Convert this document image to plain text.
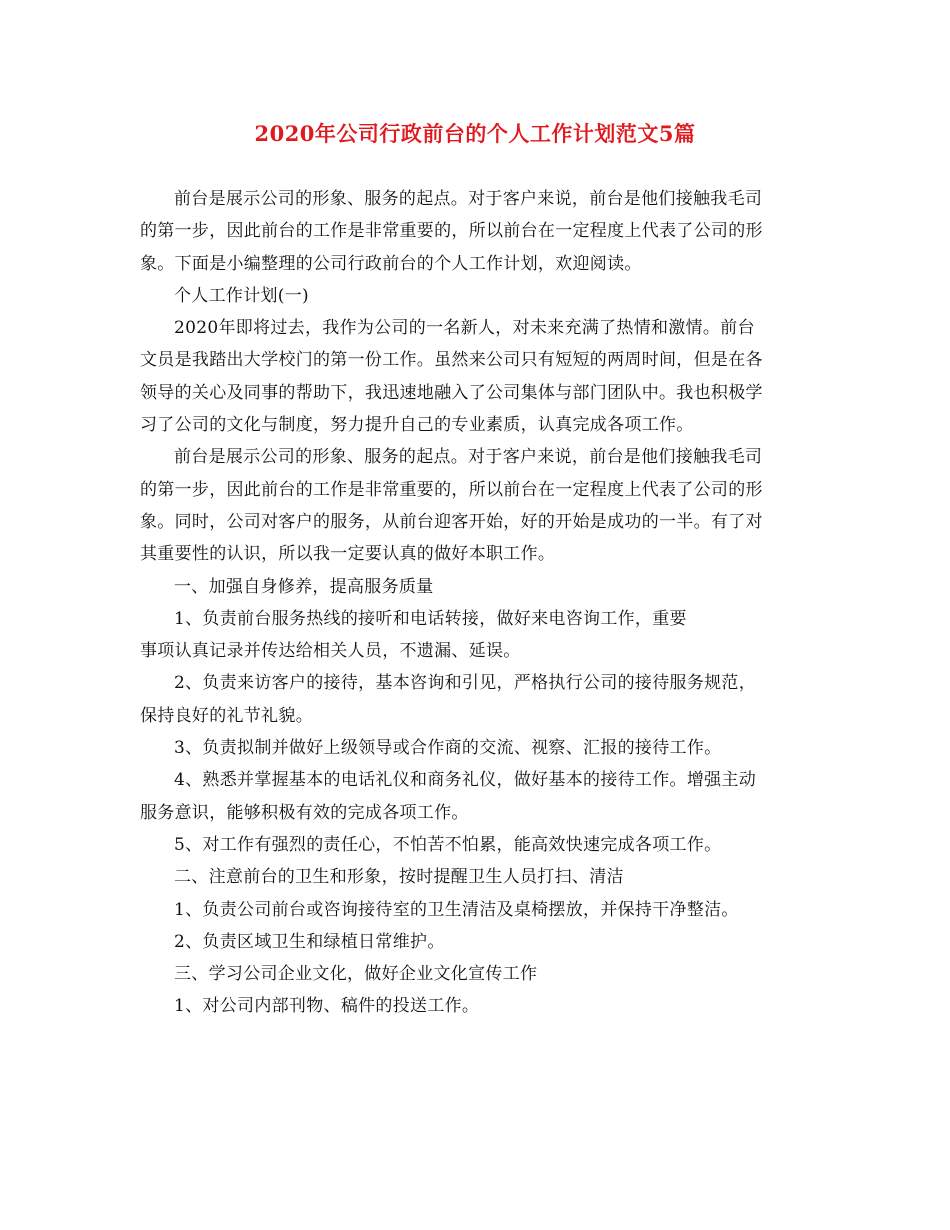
2020年公司行政前台的个人工作计划范文5篇
前台是展示公司的形象、服务的起点。对于客户来说，前台是他们接触我毛司
的第一步，因此前台的工作是非常重要的，所以前台在一定程度上代表了公司的形
象。下面是小编整理的公司行政前台的个人工作计划，欢迎阅读。
个人工作计划(一)
2020年即将过去，我作为公司的一名新人，对未来充满了热情和激情。前台
文员是我踏出大学校门的第一份工作。虽然来公司只有短短的两周时间，但是在各
领导的关心及同事的帮助下，我迅速地融入了公司集体与部门团队中。我也积极学
习了公司的文化与制度，努力提升自己的专业素质，认真完成各项工作。
前台是展示公司的形象、服务的起点。对于客户来说，前台是他们接触我毛司
的第一步，因此前台的工作是非常重要的，所以前台在一定程度上代表了公司的形
象。同时，公司对客户的服务，从前台迎客开始，好的开始是成功的一半。有了对
其重要性的认识，所以我一定要认真的做好本职工作。
一、加强自身修养，提高服务质量
1、负责前台服务热线的接听和电话转接，做好来电咨询工作，重要
事项认真记录并传达给相关人员，不遗漏、延误。
2、负责来访客户的接待，基本咨询和引见，严格执行公司的接待服务规范，
保持良好的礼节礼貌。
3、负责拟制并做好上级领导或合作商的交流、视察、汇报的接待工作。
4、熟悉并掌握基本的电话礼仪和商务礼仪，做好基本的接待工作。增强主动
服务意识，能够积极有效的完成各项工作。
5、对工作有强烈的责任心，不怕苦不怕累，能高效快速完成各项工作。
二、注意前台的卫生和形象，按时提醒卫生人员打扫、清洁
1、负责公司前台或咨询接待室的卫生清洁及桌椅摆放，并保持干净整洁。
2、负责区域卫生和绿植日常维护。
三、学习公司企业文化，做好企业文化宣传工作
1、对公司内部刊物、稿件的投送工作。
